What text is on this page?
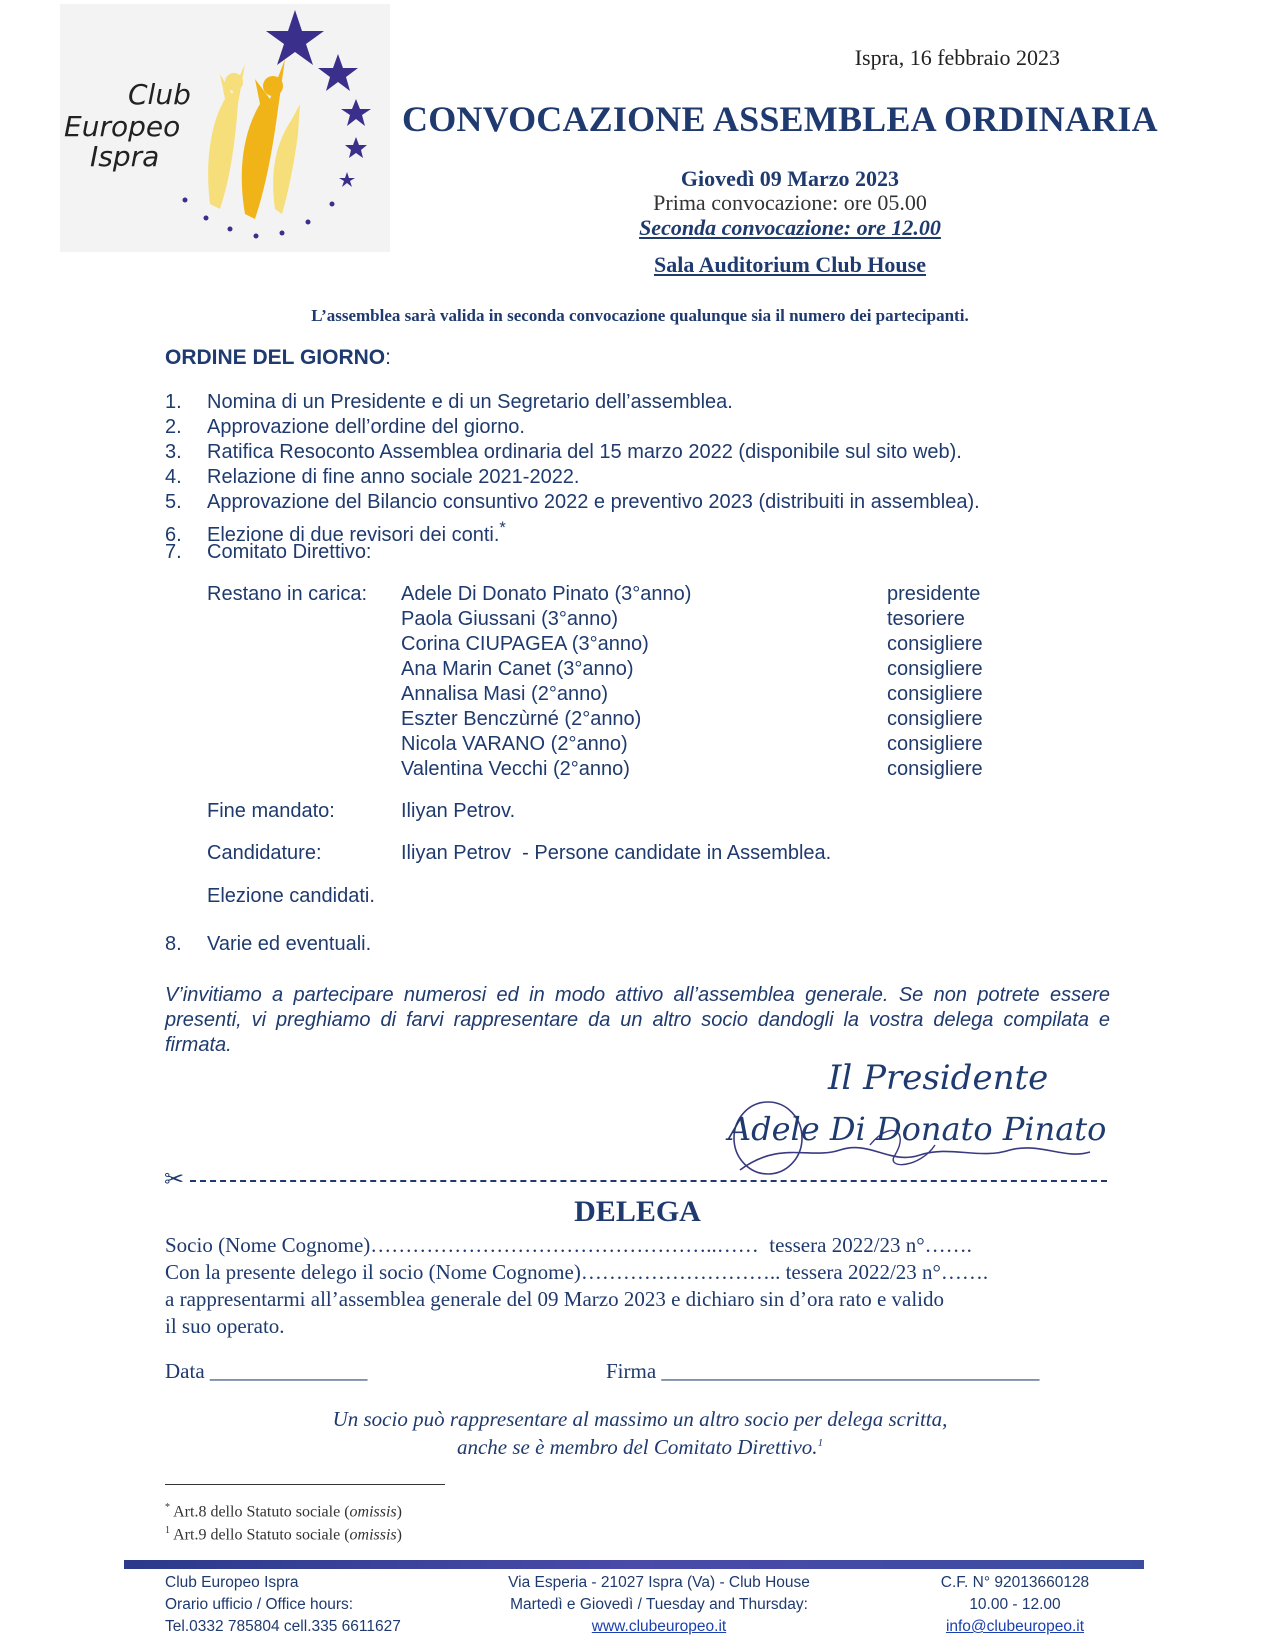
Club
Europeo
Ispra
Ispra, 16 febbraio 2023
CONVOCAZIONE ASSEMBLEA ORDINARIA
Giovedì 09 Marzo 2023
Prima convocazione: ore 05.00
Seconda convocazione: ore 12.00
Sala Auditorium Club House
L’assemblea sarà valida in seconda convocazione qualunque sia il numero dei partecipanti.
ORDINE DEL GIORNO:
1. Nomina di un Presidente e di un Segretario dell’assemblea.
2. Approvazione dell’ordine del giorno.
3. Ratifica Resoconto Assemblea ordinaria del 15 marzo 2022 (disponibile sul sito web).
4. Relazione di fine anno sociale 2021-2022.
5. Approvazione del Bilancio consuntivo 2022 e preventivo 2023 (distribuiti in assemblea).
6. Elezione di due revisori dei conti.*
7. Comitato Direttivo:
Restano in carica: Adele Di Donato Pinato (3°anno)	presidente
Paola Giussani (3°anno)	tesoriere
Corina CIUPAGEA (3°anno)	consigliere
Ana Marin Canet (3°anno)	consigliere
Annalisa Masi (2°anno)	consigliere
Eszter Benczùrné (2°anno)	consigliere
Nicola VARANO (2°anno)	consigliere
Valentina Vecchi (2°anno)	consigliere
Fine mandato:	Iliyan Petrov.
Candidature:	Iliyan Petrov  - Persone candidate in Assemblea.
Elezione candidati.
8. Varie ed eventuali.
V’invitiamo a partecipare numerosi ed in modo attivo all’assemblea generale. Se non potrete essere presenti, vi preghiamo di farvi rappresentare da un altro socio dandogli la vostra delega compilata e firmata.
Il Presidente
Adele Di Donato Pinato
✂
DELEGA
Socio (Nome Cognome)…………………………………………..……  tessera 2022/23 n°…….
Con la presente delego il socio (Nome Cognome)……………………….. tessera 2022/23 n°…….
a rappresentarmi all’assemblea generale del 09 Marzo 2023 e dichiaro sin d’ora rato e valido
il suo operato.
Data _______________	Firma ____________________________________
Un socio può rappresentare al massimo un altro socio per delega scritta,
anche se è membro del Comitato Direttivo.$^1$
* Art.8 dello Statuto sociale (omissis)
$^1$ Art.9 dello Statuto sociale (omissis)
Club Europeo Ispra
Orario ufficio / Office hours:
Tel.0332 785804 cell.335 6611627
Via Esperia - 21027 Ispra (Va) - Club House
Martedì e Giovedì / Tuesday and Thursday:
www.clubeuropeo.it
C.F. N° 92013660128
10.00 - 12.00
info@clubeuropeo.it
